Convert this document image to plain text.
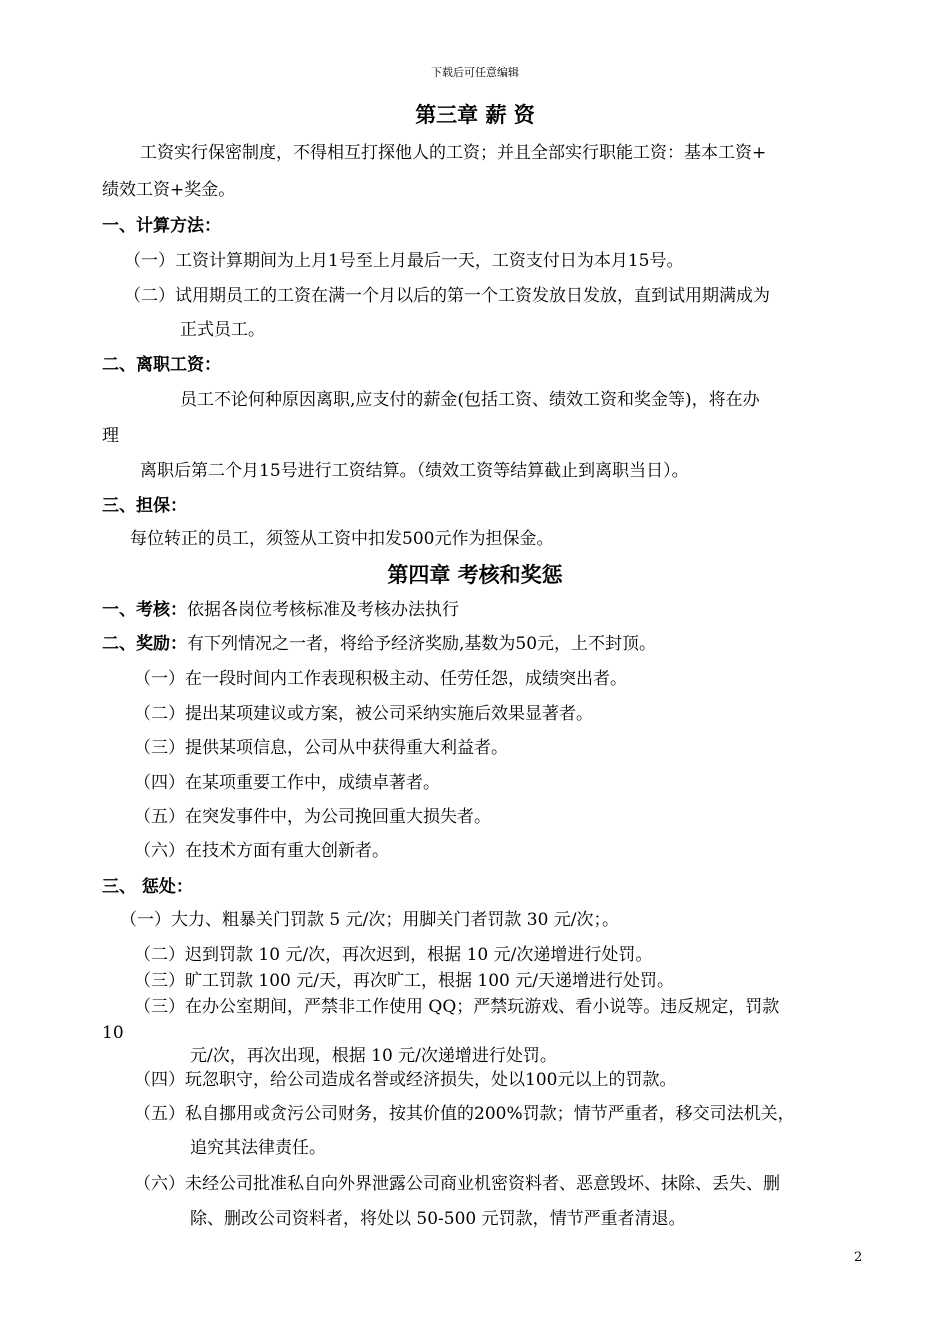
下载后可任意编辑
第三章 薪 资
工资实行保密制度，不得相互打探他人的工资；并且全部实行职能工资：基本工资+
绩效工资+奖金。
一、计算方法：
（一）工资计算期间为上月1号至上月最后一天，工资支付日为本月15号。
（二）试用期员工的工资在满一个月以后的第一个工资发放日发放，直到试用期满成为
正式员工。
二、离职工资：
员工不论何种原因离职,应支付的薪金(包括工资、绩效工资和奖金等)，将在办
理
离职后第二个月15号进行工资结算。（绩效工资等结算截止到离职当日）。
三、担保：
每位转正的员工，须签从工资中扣发500元作为担保金。
第四章 考核和奖惩
一、考核：依据各岗位考核标准及考核办法执行
二、奖励：有下列情况之一者，将给予经济奖励,基数为50元，上不封顶。
（一）在一段时间内工作表现积极主动、任劳任怨，成绩突出者。
（二）提出某项建议或方案，被公司采纳实施后效果显著者。
（三）提供某项信息，公司从中获得重大利益者。
（四）在某项重要工作中，成绩卓著者。
（五）在突发事件中，为公司挽回重大损失者。
（六）在技术方面有重大创新者。
三、 惩处：
（一）大力、粗暴关门罚款 5 元/次；用脚关门者罚款 30 元/次；。
（二）迟到罚款 10 元/次，再次迟到，根据 10 元/次递增进行处罚。
（三）旷工罚款 100 元/天，再次旷工，根据 100 元/天递增进行处罚。
（三）在办公室期间，严禁非工作使用 QQ；严禁玩游戏、看小说等。违反规定，罚款
10
元/次，再次出现，根据 10 元/次递增进行处罚。
（四）玩忽职守，给公司造成名誉或经济损失，处以100元以上的罚款。
（五）私自挪用或贪污公司财务，按其价值的200%罚款；情节严重者，移交司法机关，
追究其法律责任。
（六）未经公司批准私自向外界泄露公司商业机密资料者、恶意毁坏、抹除、丢失、删
除、删改公司资料者，将处以 50-500 元罚款，情节严重者清退。
2
